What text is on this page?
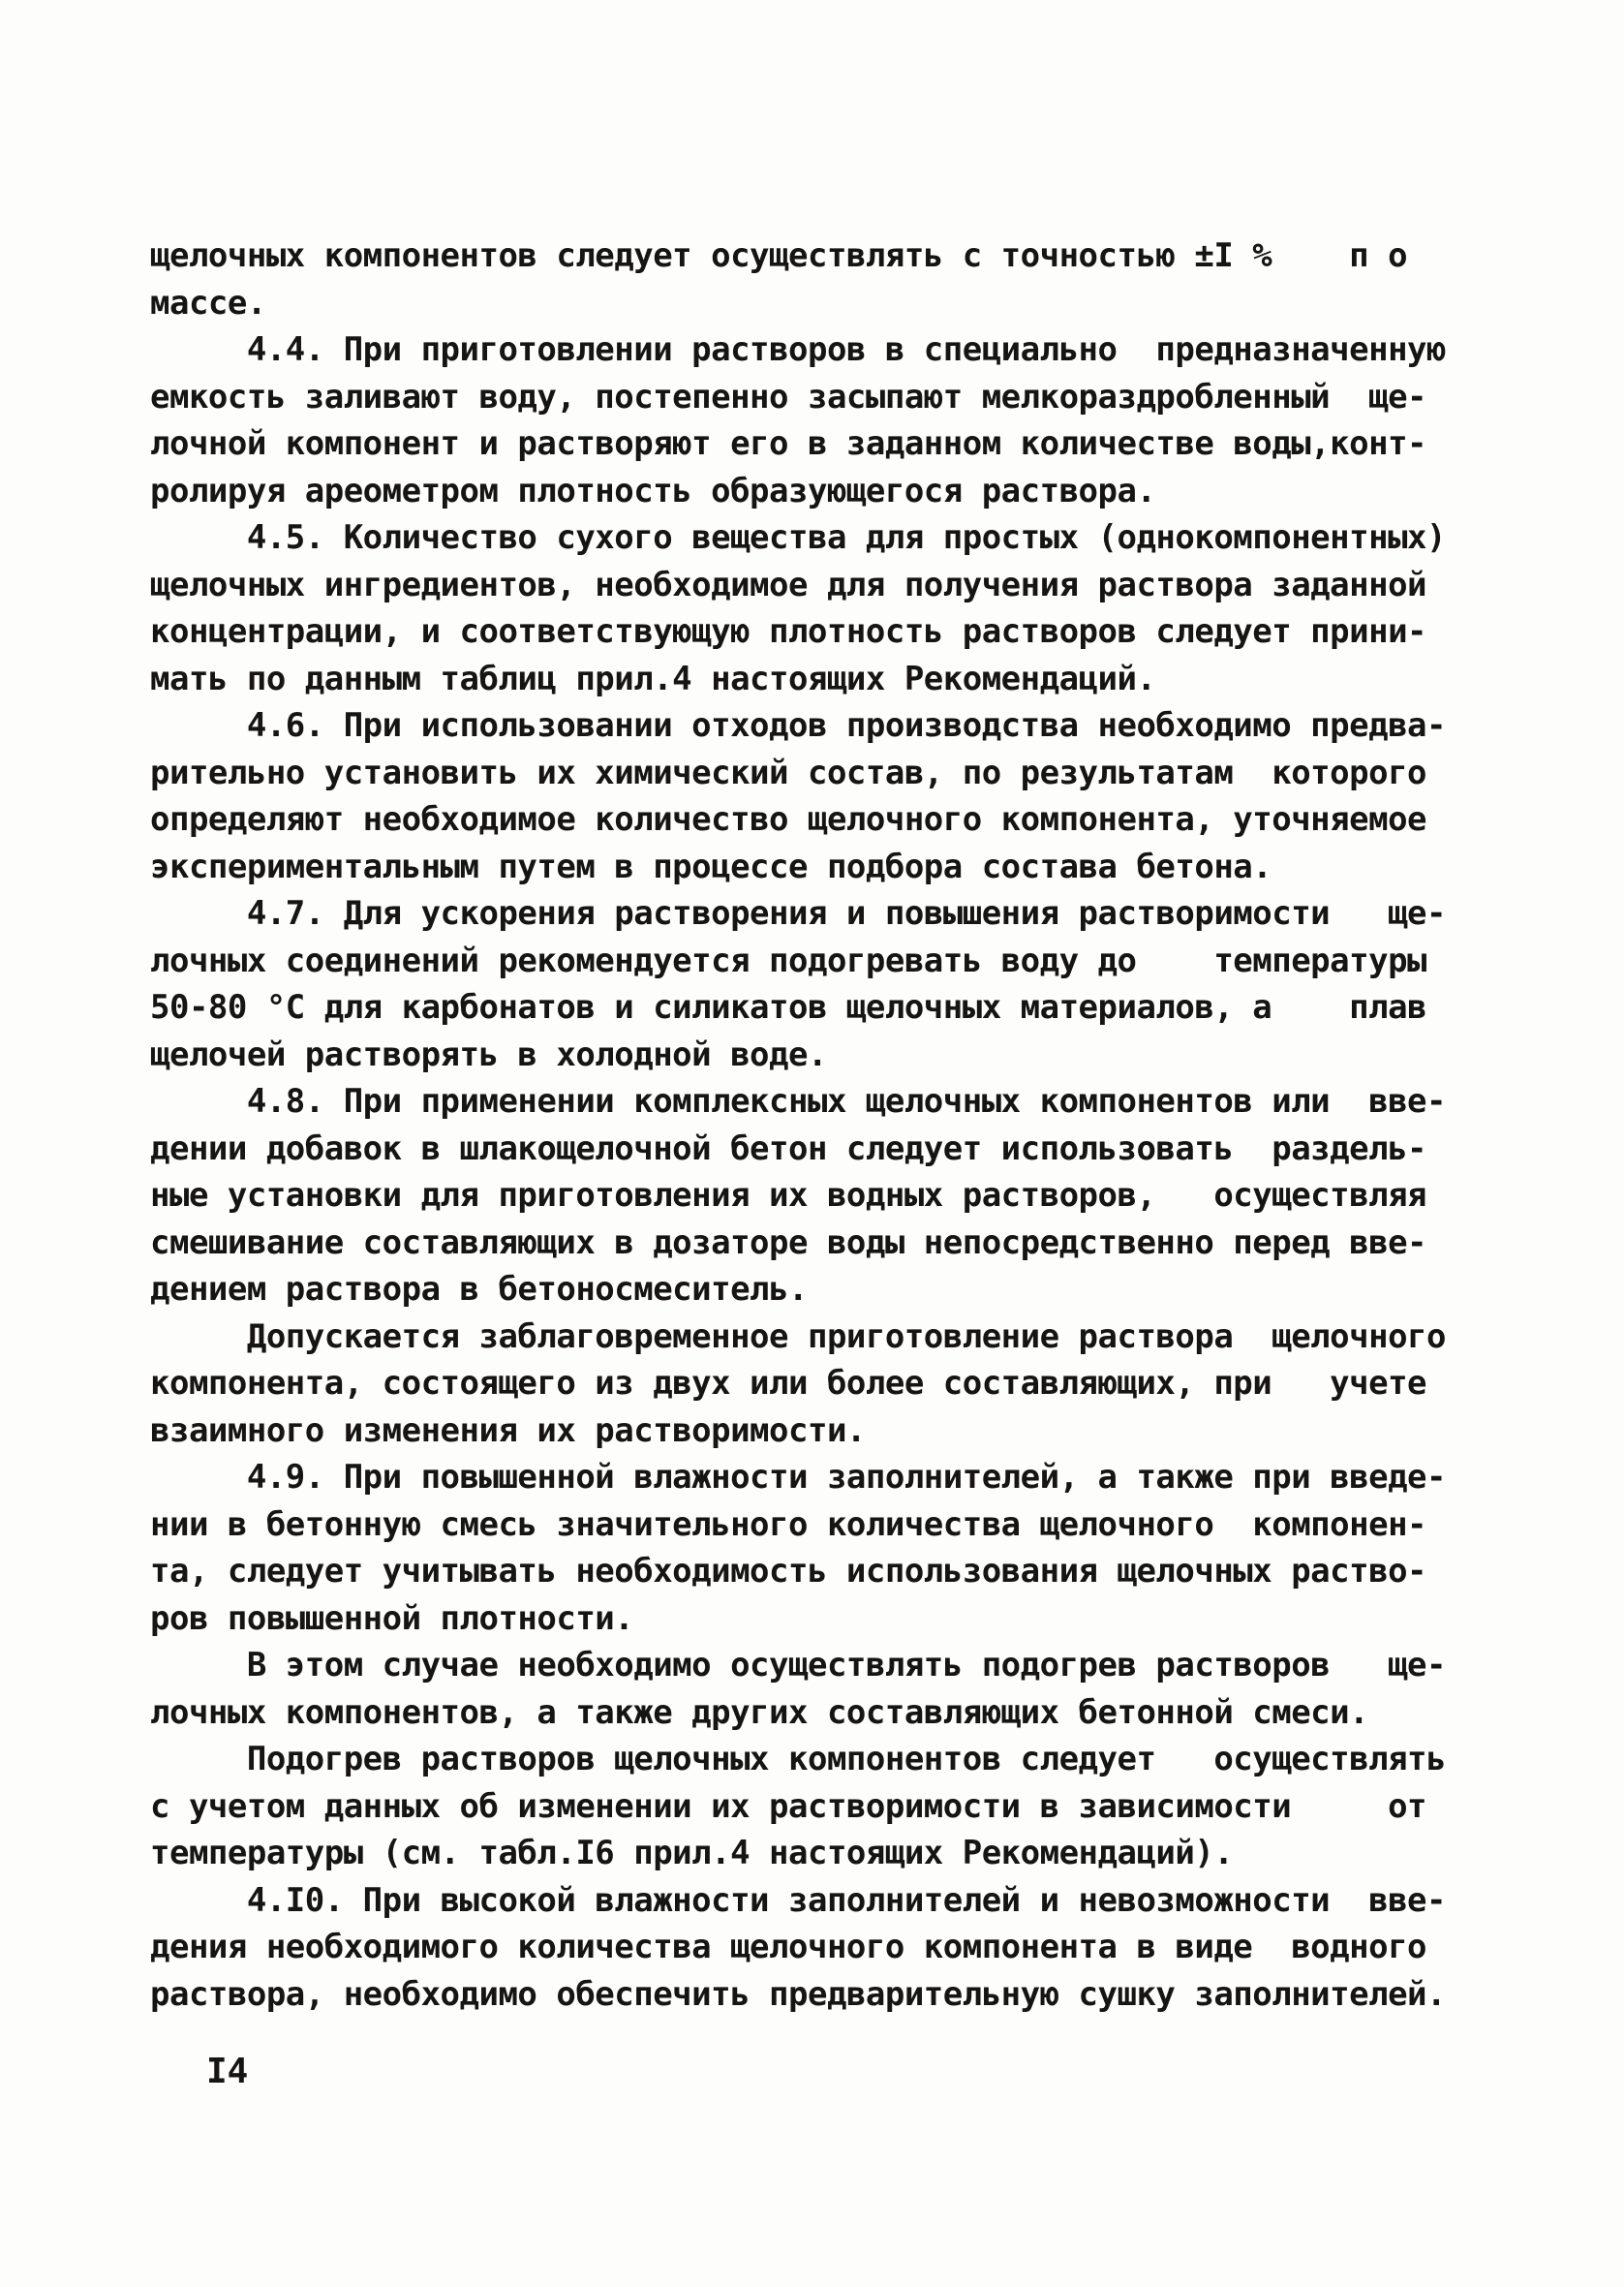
щелочных компонентов следует осуществлять с точностью ±I %    п о
массе.
4.4. При приготовлении растворов в специально  предназначенную
емкость заливают воду, постепенно засыпают мелкораздробленный  ще-
лочной компонент и растворяют его в заданном количестве воды,конт-
ролируя ареометром плотность образующегося раствора.
4.5. Количество сухого вещества для простых (однокомпонентных)
щелочных ингредиентов, необходимое для получения раствора заданной
концентрации, и соответствующую плотность растворов следует прини-
мать по данным таблиц прил.4 настоящих Рекомендаций.
4.6. При использовании отходов производства необходимо предва-
рительно установить их химический состав, по результатам  которого
определяют необходимое количество щелочного компонента, уточняемое
экспериментальным путем в процессе подбора состава бетона.
4.7. Для ускорения растворения и повышения растворимости   ще-
лочных соединений рекомендуется подогревать воду до    температуры
50-80 °С для карбонатов и силикатов щелочных материалов, а    плав
щелочей растворять в холодной воде.
4.8. При применении комплексных щелочных компонентов или  вве-
дении добавок в шлакощелочной бетон следует использовать  раздель-
ные установки для приготовления их водных растворов,   осуществляя
смешивание составляющих в дозаторе воды непосредственно перед вве-
дением раствора в бетоносмеситель.
Допускается заблаговременное приготовление раствора  щелочного
компонента, состоящего из двух или более составляющих, при   учете
взаимного изменения их растворимости.
4.9. При повышенной влажности заполнителей, а также при введе-
нии в бетонную смесь значительного количества щелочного  компонен-
та, следует учитывать необходимость использования щелочных раство-
ров повышенной плотности.
В этом случае необходимо осуществлять подогрев растворов   ще-
лочных компонентов, а также других составляющих бетонной смеси.
Подогрев растворов щелочных компонентов следует   осуществлять
с учетом данных об изменении их растворимости в зависимости     от
температуры (см. табл.I6 прил.4 настоящих Рекомендаций).
4.I0. При высокой влажности заполнителей и невозможности  вве-
дения необходимого количества щелочного компонента в виде  водного
раствора, необходимо обеспечить предварительную сушку заполнителей.
I4
